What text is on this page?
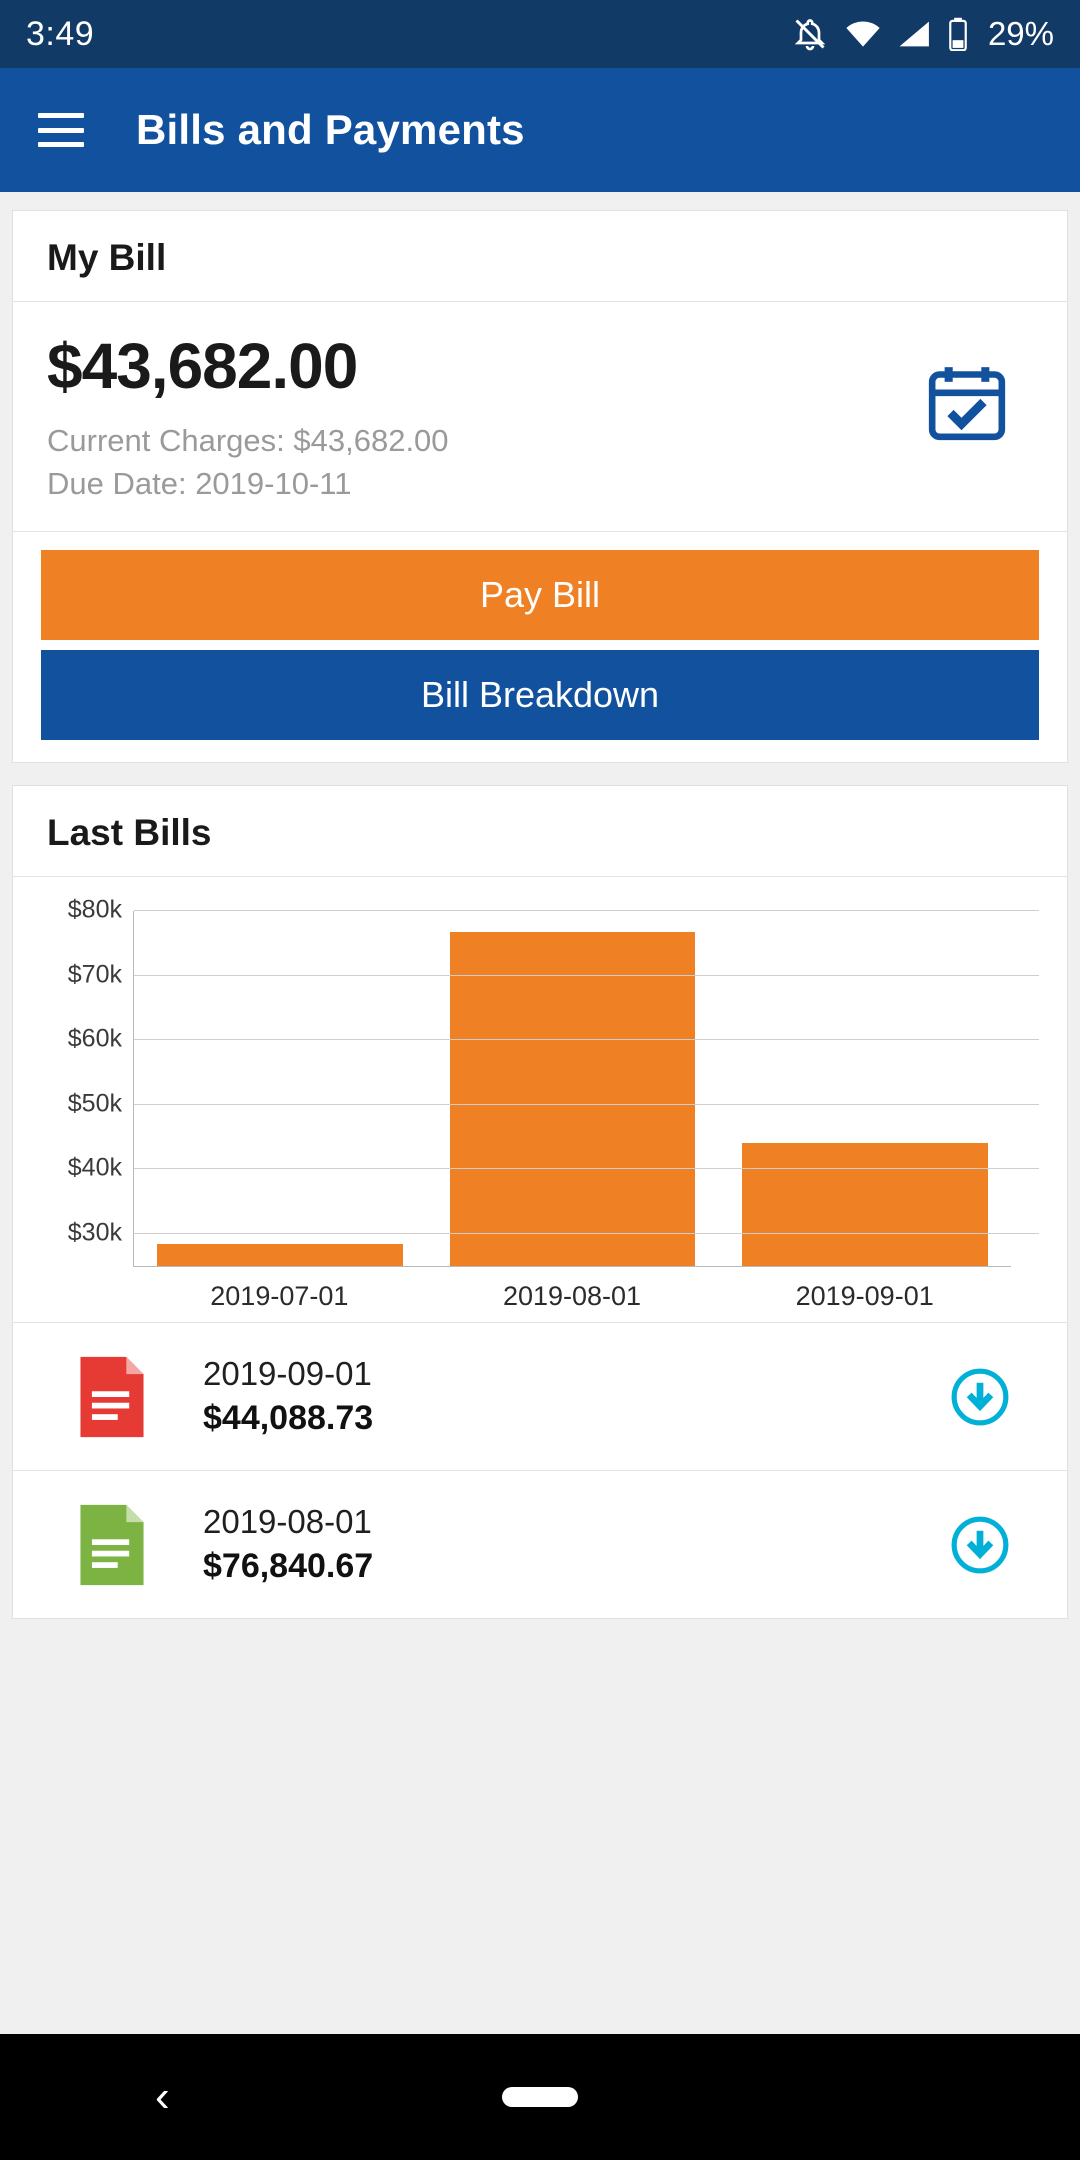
3:49	29%
Bills and Payments
My Bill
$43,682.00
Current Charges: $43,682.00
Due Date: 2019-10-11
Pay Bill
Bill Breakdown
Last Bills
$30k
$40k
$50k
$60k
$70k
$80k
2019-07-01	2019-08-01	2019-09-01
2019-09-01
$44,088.73
2019-08-01
$76,840.67
‹
